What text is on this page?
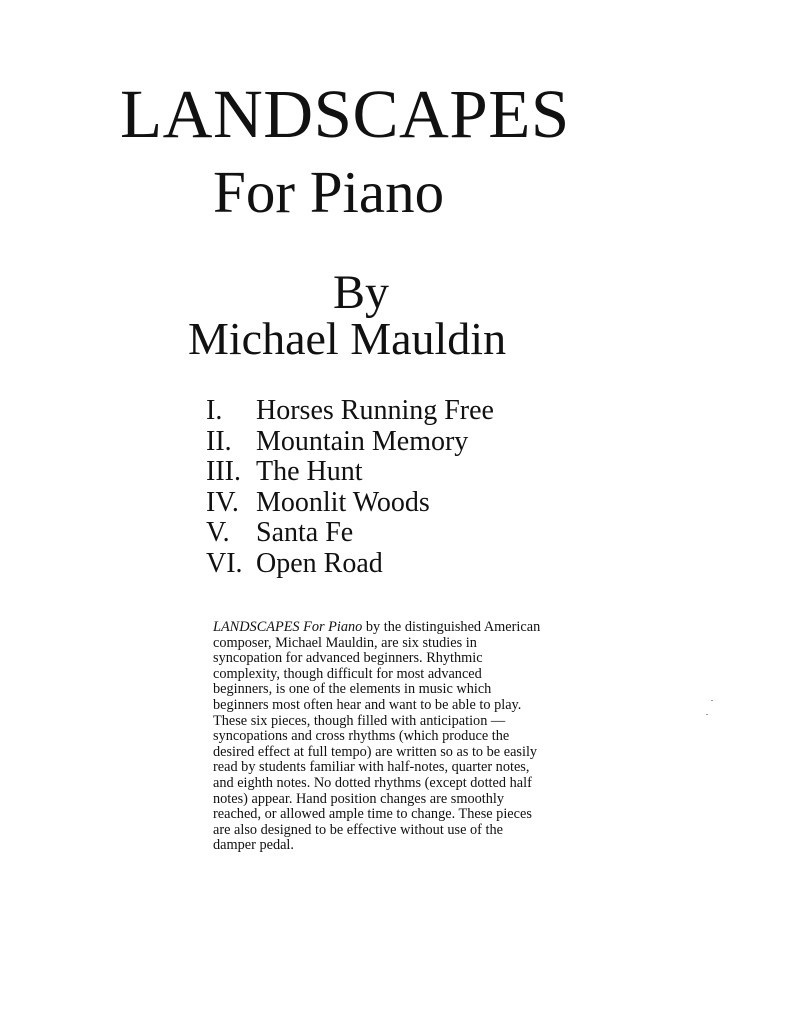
LANDSCAPES
For Piano
By
Michael Mauldin
I.	Horses Running Free
II. Mountain Memory
III. The Hunt
IV. Moonlit Woods
V. Santa Fe
VI. Open Road

LANDSCAPES For Piano by the distinguished American composer, Michael Mauldin, are six studies in syncopation for advanced beginners. Rhythmic complexity, though difficult for most advanced beginners, is one of the elements in music which beginners most often hear and want to be able to play.

These six pieces, though filled with anticipation — syncopations and cross rhythms (which produce the desired effect at full tempo) are written so as to be easily read by students familiar with half-notes, quarter notes, and eighth notes. No dotted rhythms (except dotted half notes) appear. Hand position changes are smoothly reached, or allowed ample time to change. These pieces are also designed to be effective without use of the damper pedal.
